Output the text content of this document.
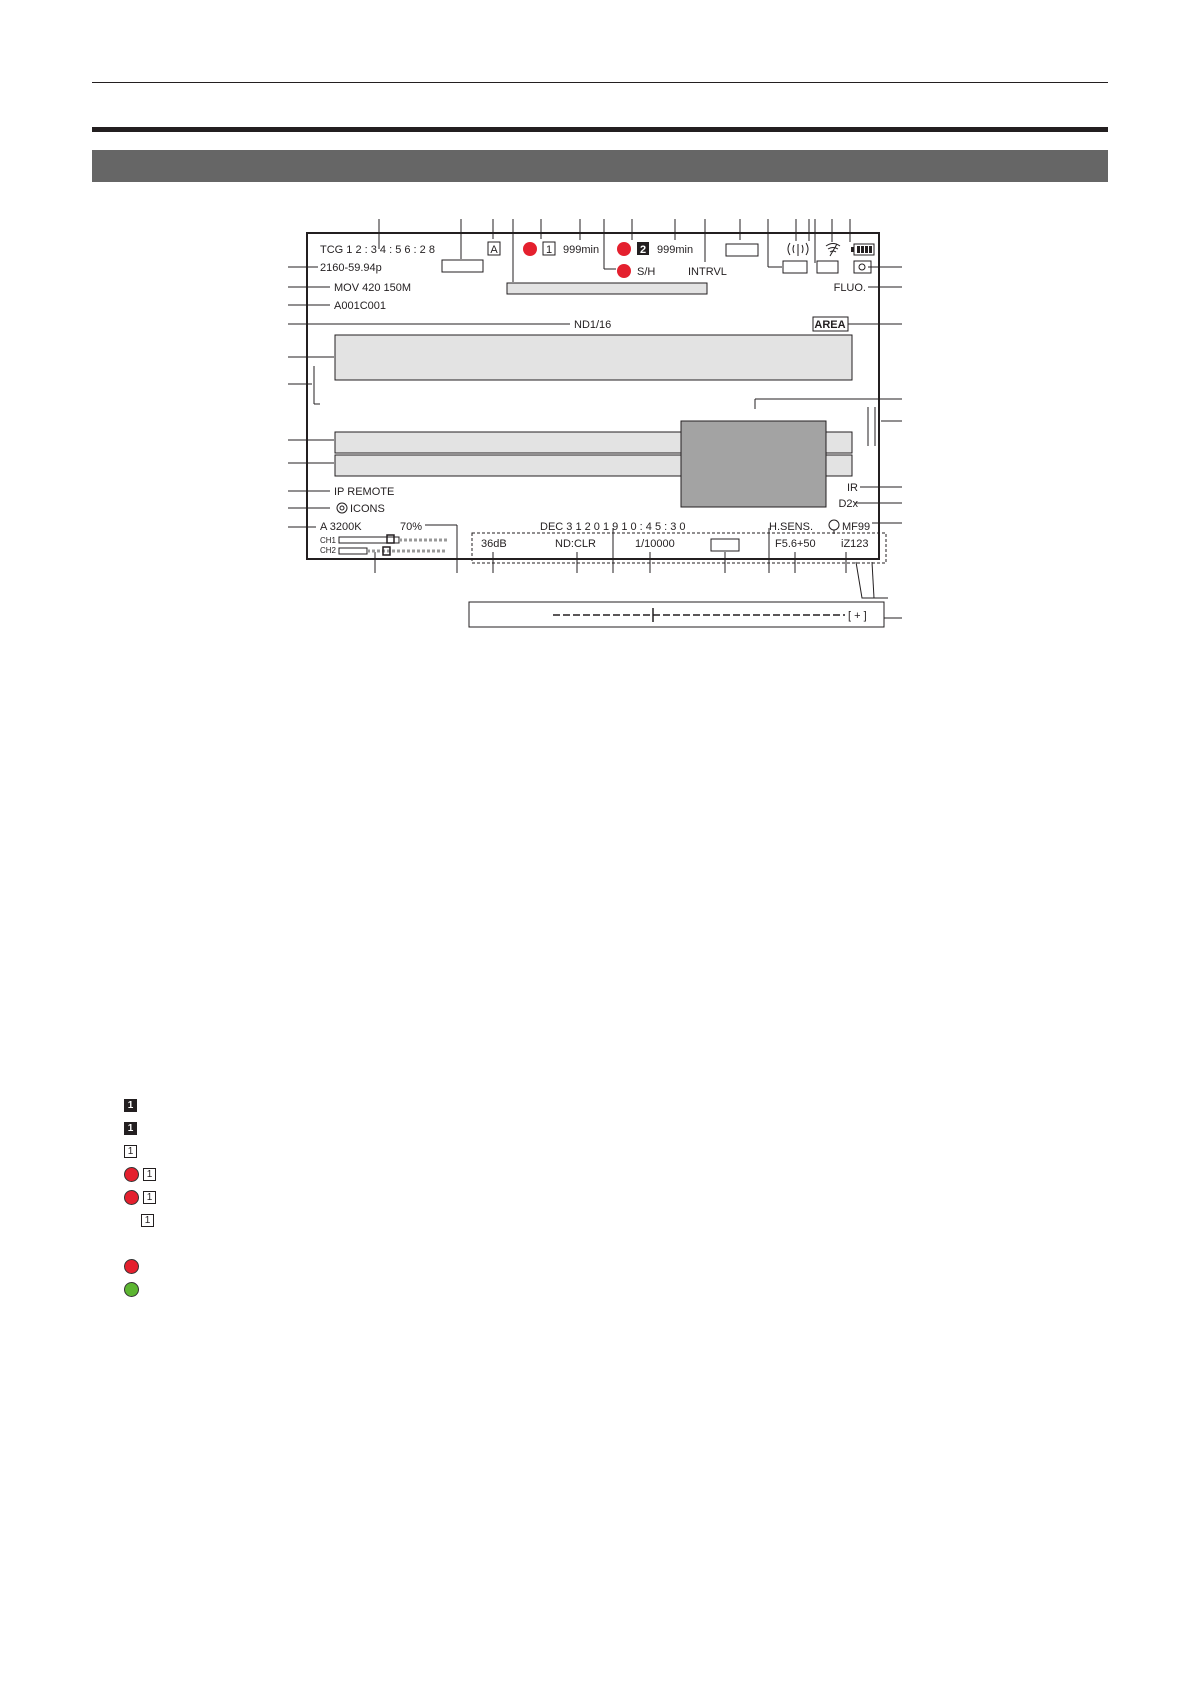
A	1 999min	2 999min
S/H	INTRVL
TCG 1 2 : 3 4 : 5 6 : 2 8
2160-59.94p
MOV 420 150M
A001C001
ND1/16
FLUO.
AREA
IP REMOTE
ICONS
IR
D2x
A 3200K	70%	DEC 3 1 2 0 1 9 1 0 : 4 5 : 3 0	H.SENS.	MF99
CH1
CH2
36dB	ND:CLR	1/10000	F5.6+50 iZ123
[ + ]
1
1
1
1
1
1
